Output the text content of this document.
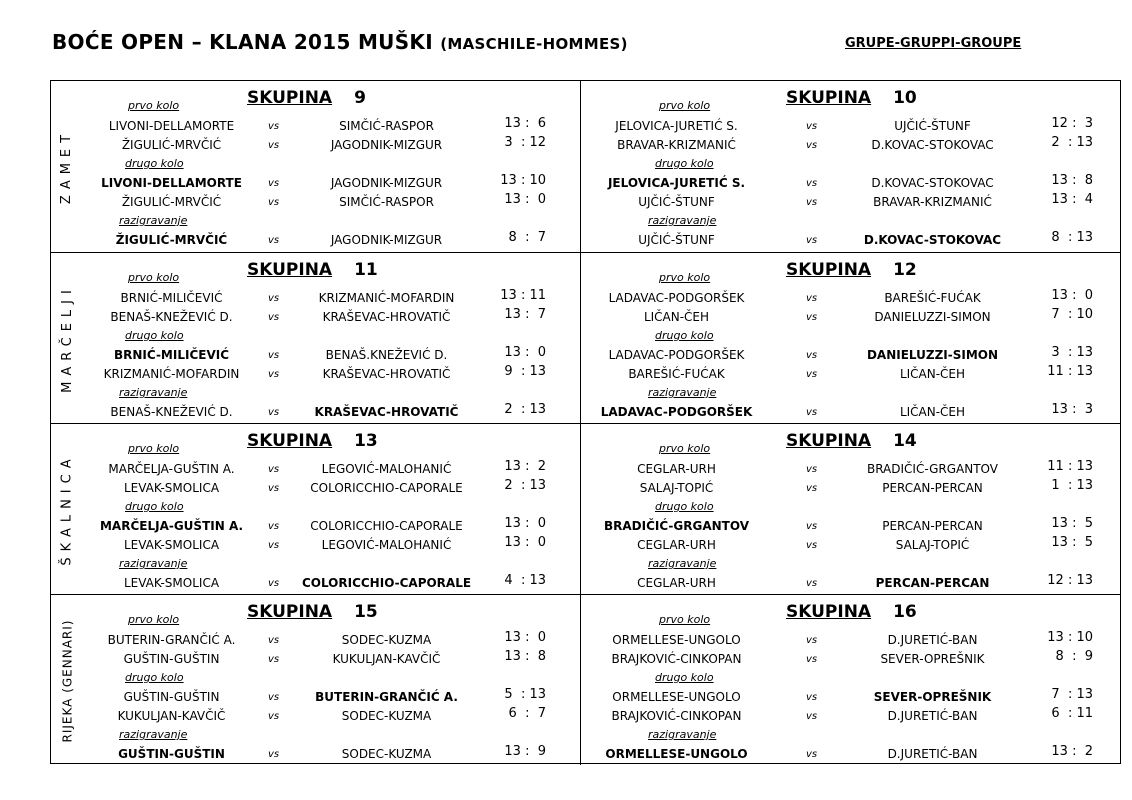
BOĆE OPEN – KLANA 2015 MUŠKI (MASCHILE-HOMMES)	GRUPE-GRUPPI-GROUPE
ZAMET
SKUPINA 9
prvo kolo
drugo kolo
razigravanje
LIVONI-DELLAMORTE	vs	SIMČIĆ-RASPOR	13 :  6
ŽIGULIĆ-MRVČIĆ	vs	JAGODNIK-MIZGUR	3  : 12
LIVONI-DELLAMORTE	vs	JAGODNIK-MIZGUR	13 : 10
ŽIGULIĆ-MRVČIĆ	vs	SIMČIĆ-RASPOR	13 :  0
ŽIGULIĆ-MRVČIĆ	vs	JAGODNIK-MIZGUR	8  :  7
SKUPINA 10
prvo kolo
drugo kolo
razigravanje
JELOVICA-JURETIĆ S.	vs	UJČIĆ-ŠTUNF	12 :  3
BRAVAR-KRIZMANIĆ	vs	D.KOVAC-STOKOVAC	2  : 13
JELOVICA-JURETIĆ S.	vs	D.KOVAC-STOKOVAC	13 :  8
UJČIĆ-ŠTUNF	vs	BRAVAR-KRIZMANIĆ	13 :  4
UJČIĆ-ŠTUNF	vs	D.KOVAC-STOKOVAC	8  : 13
MARČELJI
SKUPINA 11
prvo kolo
drugo kolo
razigravanje
BRNIĆ-MILIČEVIĆ	vs	KRIZMANIĆ-MOFARDIN	13 : 11
BENAŠ-KNEŽEVIĆ D.	vs	KRAŠEVAC-HROVATIČ	13 :  7
BRNIĆ-MILIČEVIĆ	vs	BENAŠ.KNEŽEVIĆ D.	13 :  0
KRIZMANIĆ-MOFARDIN	vs	KRAŠEVAC-HROVATIČ	9  : 13
BENAŠ-KNEŽEVIĆ D.	vs	KRAŠEVAC-HROVATIČ	2  : 13
SKUPINA 12
prvo kolo
drugo kolo
razigravanje
LADAVAC-PODGORŠEK	vs	BAREŠIĆ-FUĆAK	13 :  0
LIČAN-ČEH	vs	DANIELUZZI-SIMON	7  : 10
LADAVAC-PODGORŠEK	vs	DANIELUZZI-SIMON	3  : 13
BAREŠIĆ-FUĆAK	vs	LIČAN-ČEH	11 : 13
LADAVAC-PODGORŠEK	vs	LIČAN-ČEH	13 :  3
ŠKALNICA
SKUPINA 13
prvo kolo
drugo kolo
razigravanje
MARČELJA-GUŠTIN A.	vs	LEGOVIĆ-MALOHANIĆ	13 :  2
LEVAK-SMOLICA	vs	COLORICCHIO-CAPORALE	2  : 13
MARČELJA-GUŠTIN A.	vs	COLORICCHIO-CAPORALE	13 :  0
LEVAK-SMOLICA	vs	LEGOVIĆ-MALOHANIĆ	13 :  0
LEVAK-SMOLICA	vs COLORICCHIO-CAPORALE	4  : 13
SKUPINA 14
prvo kolo
drugo kolo
razigravanje
CEGLAR-URH	vs	BRADIČIĆ-GRGANTOV	11 : 13
SALAJ-TOPIĆ	vs	PERCAN-PERCAN	1  : 13
BRADIČIĆ-GRGANTOV	vs	PERCAN-PERCAN	13 :  5
CEGLAR-URH	vs	SALAJ-TOPIĆ	13 :  5
CEGLAR-URH	vs	PERCAN-PERCAN	12 : 13
RIJEKA (GENNARI)
SKUPINA 15
prvo kolo
drugo kolo
razigravanje
BUTERIN-GRANČIĆ A.	vs	SODEC-KUZMA	13 :  0
GUŠTIN-GUŠTIN	vs	KUKULJAN-KAVČIČ	13 :  8
GUŠTIN-GUŠTIN	vs	BUTERIN-GRANČIĆ A.	5  : 13
KUKULJAN-KAVČIČ	vs	SODEC-KUZMA	6  :  7
GUŠTIN-GUŠTIN	vs	SODEC-KUZMA	13 :  9
SKUPINA 16
prvo kolo
drugo kolo
razigravanje
ORMELLESE-UNGOLO	vs	D.JURETIĆ-BAN	13 : 10
BRAJKOVIĆ-CINKOPAN	vs	SEVER-OPREŠNIK	8  :  9
ORMELLESE-UNGOLO	vs	SEVER-OPREŠNIK	7  : 13
BRAJKOVIĆ-CINKOPAN	vs	D.JURETIĆ-BAN	6  : 11
ORMELLESE-UNGOLO	vs	D.JURETIĆ-BAN	13 :  2
